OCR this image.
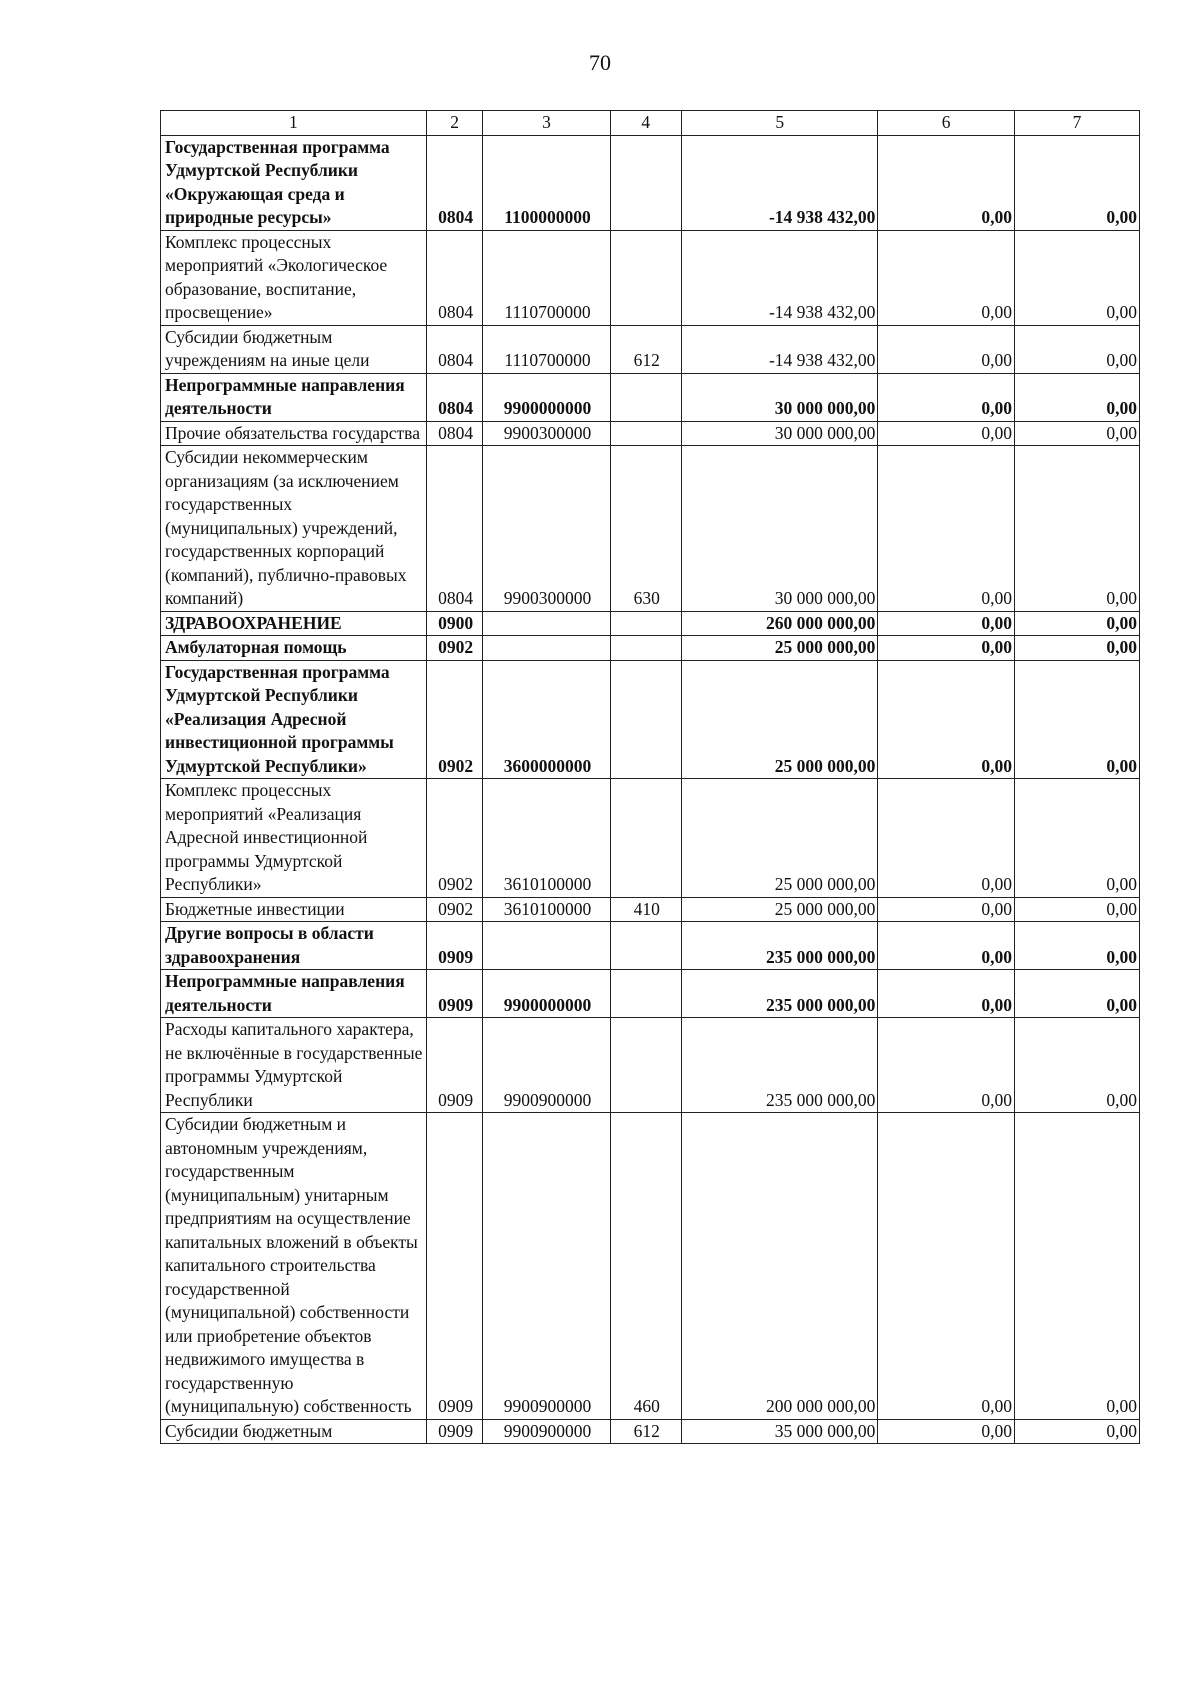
70
1	2	3	4	5	6	7
Государственная программа Удмуртской Республики «Окружающая среда и природные ресурсы»	0804	1100000000		-14 938 432,00	0,00	0,00
Комплекс процессных мероприятий «Экологическое образование, воспитание, просвещение»	0804	1110700000		-14 938 432,00	0,00	0,00
Субсидии бюджетным учреждениям на иные цели	0804	1110700000	612	-14 938 432,00	0,00	0,00
Непрограммные направления деятельности	0804	9900000000		30 000 000,00	0,00	0,00
Прочие обязательства государства	0804	9900300000		30 000 000,00	0,00	0,00
Субсидии некоммерческим организациям (за исключением государственных (муниципальных) учреждений, государственных корпораций (компаний), публично-правовых компаний)	0804	9900300000	630	30 000 000,00	0,00	0,00
ЗДРАВООХРАНЕНИЕ	0900			260 000 000,00	0,00	0,00
Амбулаторная помощь	0902			25 000 000,00	0,00	0,00
Государственная программа Удмуртской Республики «Реализация Адресной инвестиционной программы Удмуртской Республики»	0902	3600000000		25 000 000,00	0,00	0,00
Комплекс процессных мероприятий «Реализация Адресной инвестиционной программы Удмуртской Республики»	0902	3610100000		25 000 000,00	0,00	0,00
Бюджетные инвестиции	0902	3610100000	410	25 000 000,00	0,00	0,00
Другие вопросы в области здравоохранения	0909			235 000 000,00	0,00	0,00
Непрограммные направления деятельности	0909	9900000000		235 000 000,00	0,00	0,00
Расходы капитального характера, не включённые в государственные программы Удмуртской Республики	0909	9900900000		235 000 000,00	0,00	0,00
Субсидии бюджетным и автономным учреждениям, государственным (муниципальным) унитарным предприятиям на осуществление капитальных вложений в объекты капитального строительства государственной (муниципальной) собственности или приобретение объектов недвижимого имущества в государственную (муниципальную) собственность	0909	9900900000	460	200 000 000,00	0,00	0,00
Субсидии бюджетным	0909	9900900000	612	35 000 000,00	0,00	0,00
